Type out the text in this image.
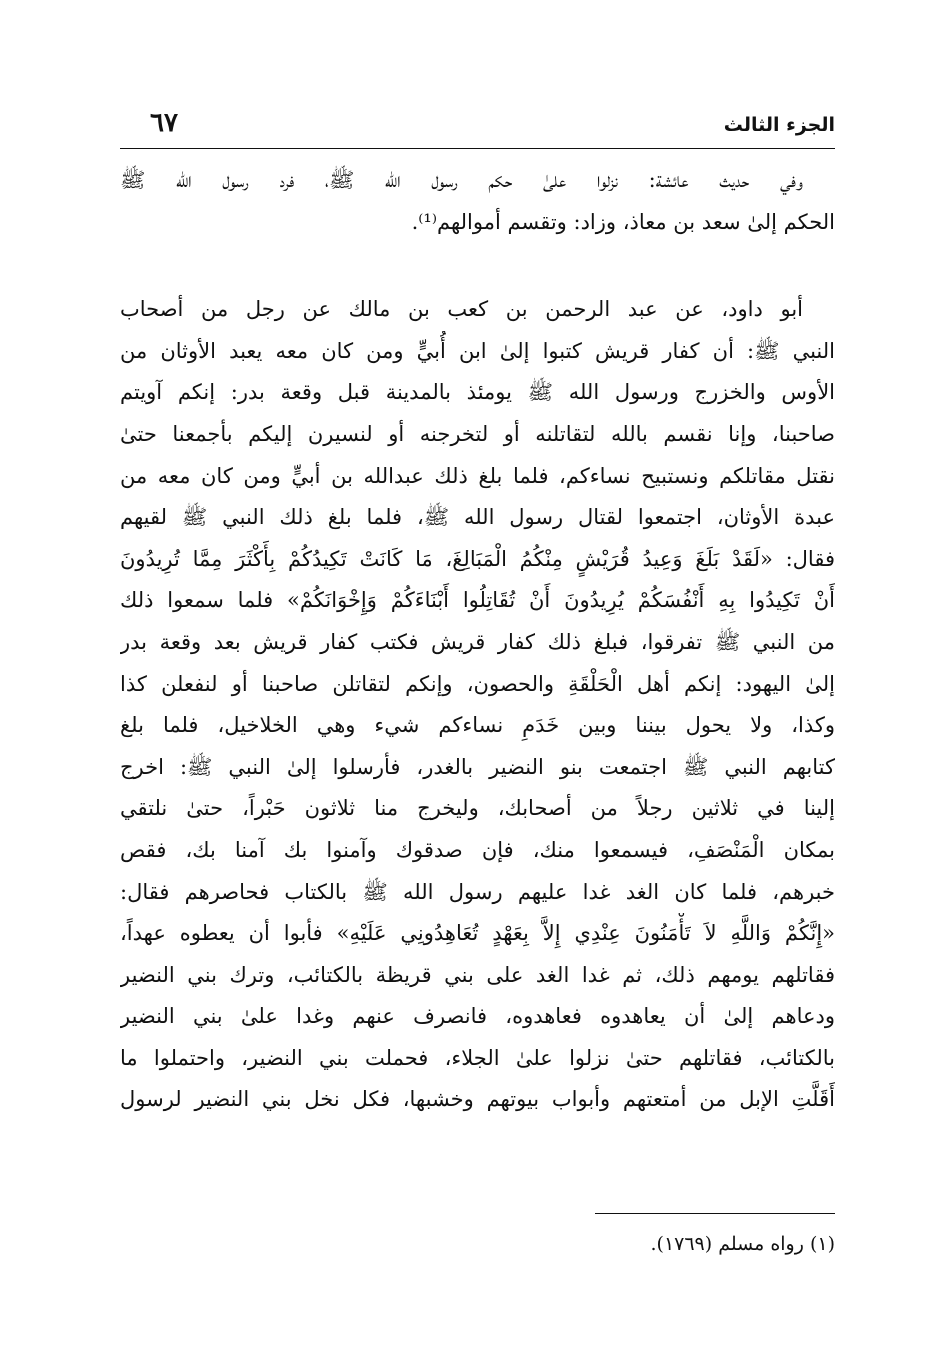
الجزء الثالث
٦٧
وفي حديث عائشة: نزلوا علىٰ حكم رسول الله ﷺ، فرد رسول الله ﷺ
الحكم إلىٰ سعد بن معاذ، وزاد: وتقسم أموالهم⁽¹⁾.
أبو داود، عن عبد الرحمن بن كعب بن مالك عن رجل من أصحاب
النبي ﷺ: أن كفار قريش كتبوا إلىٰ ابن أُبيٍّ ومن كان معه يعبد الأوثان من
الأوس والخزرج ورسول الله ﷺ يومئذ بالمدينة قبل وقعة بدر: إنكم آويتم
صاحبنا، وإنا نقسم بالله لتقاتلنه أو لتخرجنه أو لنسيرن إليكم بأجمعنا حتىٰ
نقتل مقاتلكم ونستبيح نساءكم، فلما بلغ ذلك عبدالله بن أبيٍّ ومن كان معه من
عبدة الأوثان، اجتمعوا لقتال رسول الله ﷺ، فلما بلغ ذلك النبي ﷺ لقيهم
فقال: «لَقَدْ بَلَغَ وَعِيدُ قُرَيْشٍ مِنْكُمُ الْمَبَالِغَ، مَا كَانَتْ تَكِيدُكُمْ بِأَكْثَرَ مِمَّا تُرِيدُونَ
أَنْ تَكِيدُوا بِهِ أَنْفُسَكُمْ يُرِيدُونَ أَنْ تُقَاتِلُوا أَبْنَاءَكُمْ وَإِخْوَانَكُمْ» فلما سمعوا ذلك
من النبي ﷺ تفرقوا، فبلغ ذلك كفار قريش فكتب كفار قريش بعد وقعة بدر
إلىٰ اليهود: إنكم أهل الْحَلْقَةِ والحصون، وإنكم لتقاتلن صاحبنا أو لنفعلن كذا
وكذا، ولا يحول بيننا وبين خَدَمِ نساءكم شيء وهي الخلاخيل، فلما بلغ
كتابهم النبي ﷺ اجتمعت بنو النضير بالغدر، فأرسلوا إلىٰ النبي ﷺ: اخرج
إلينا في ثلاثين رجلاً من أصحابك، وليخرج منا ثلاثون حَبْراً، حتىٰ نلتقي
بمكان الْمَنْصَفِ، فيسمعوا منك، فإن صدقوك وآمنوا بك آمنا بك، فقص
خبرهم، فلما كان الغد غدا عليهم رسول الله ﷺ بالكتاب فحاصرهم فقال:
«إِنَّكُمْ وَاللَّهِ لاَ تَأْمَنُونَ عِنْدِي إِلاَّ بِعَهْدٍ تُعَاهِدُونِي عَلَيْهِ» فأبوا أن يعطوه عهداً،
فقاتلهم يومهم ذلك، ثم غدا الغد على بني قريظة بالكتائب، وترك بني النضير
ودعاهم إلىٰ أن يعاهدوه فعاهدوه، فانصرف عنهم وغدا علىٰ بني النضير
بالكتائب، فقاتلهم حتىٰ نزلوا علىٰ الجلاء، فحملت بني النضير، واحتملوا ما
أَقَلَّتِ الإبل من أمتعتهم وأبواب بيوتهم وخشبها، فكل نخل بني النضير لرسول
(١) رواه مسلم (١٧٦٩).
